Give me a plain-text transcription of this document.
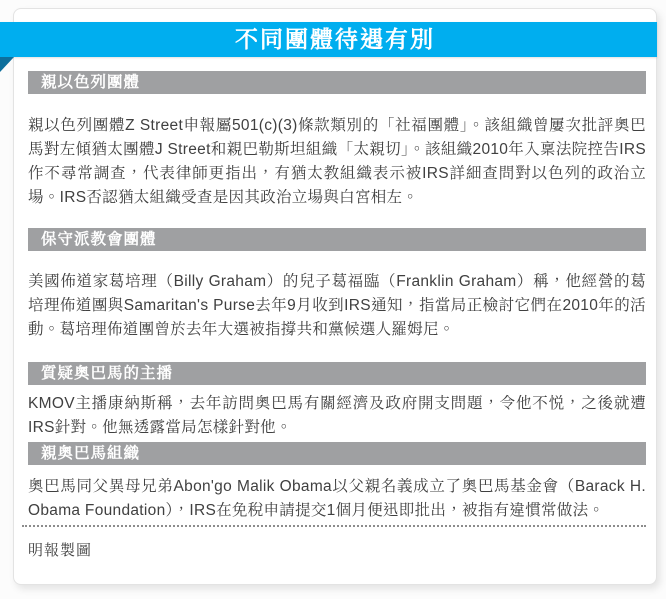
不同團體待遇有別
親以色列團體

親以色列團體Z Street申報屬501(c)(3)條款類別的「社福團體」。該組織曾屢次批評奧巴馬對左傾猶太團體J Street和親巴勒斯坦組織「太親切」。該組織2010年入稟法院控告IRS作不尋常調查，代表律師更指出，有猶太教組織表示被IRS詳細查問對以色列的政治立場。IRS否認猶太組織受查是因其政治立場與白宮相左。

保守派教會團體

美國佈道家葛培理（Billy Graham）的兒子葛福臨（Franklin Graham）稱，他經營的葛培理佈道團與Samaritan's Purse去年9月收到IRS通知，指當局正檢討它們在2010年的活動。葛培理佈道團曾於去年大選被指撐共和黨候選人羅姆尼。

質疑奧巴馬的主播

KMOV主播康納斯稱，去年訪問奧巴馬有關經濟及政府開支問題，令他不悦，之後就遭IRS針對。他無透露當局怎樣針對他。

親奧巴馬組織

奧巴馬同父異母兄弟Abon'go Malik Obama以父親名義成立了奧巴馬基金會（Barack H. Obama Foundation），IRS在免稅申請提交1個月便迅即批出，被指有違慣常做法。

明報製圖
